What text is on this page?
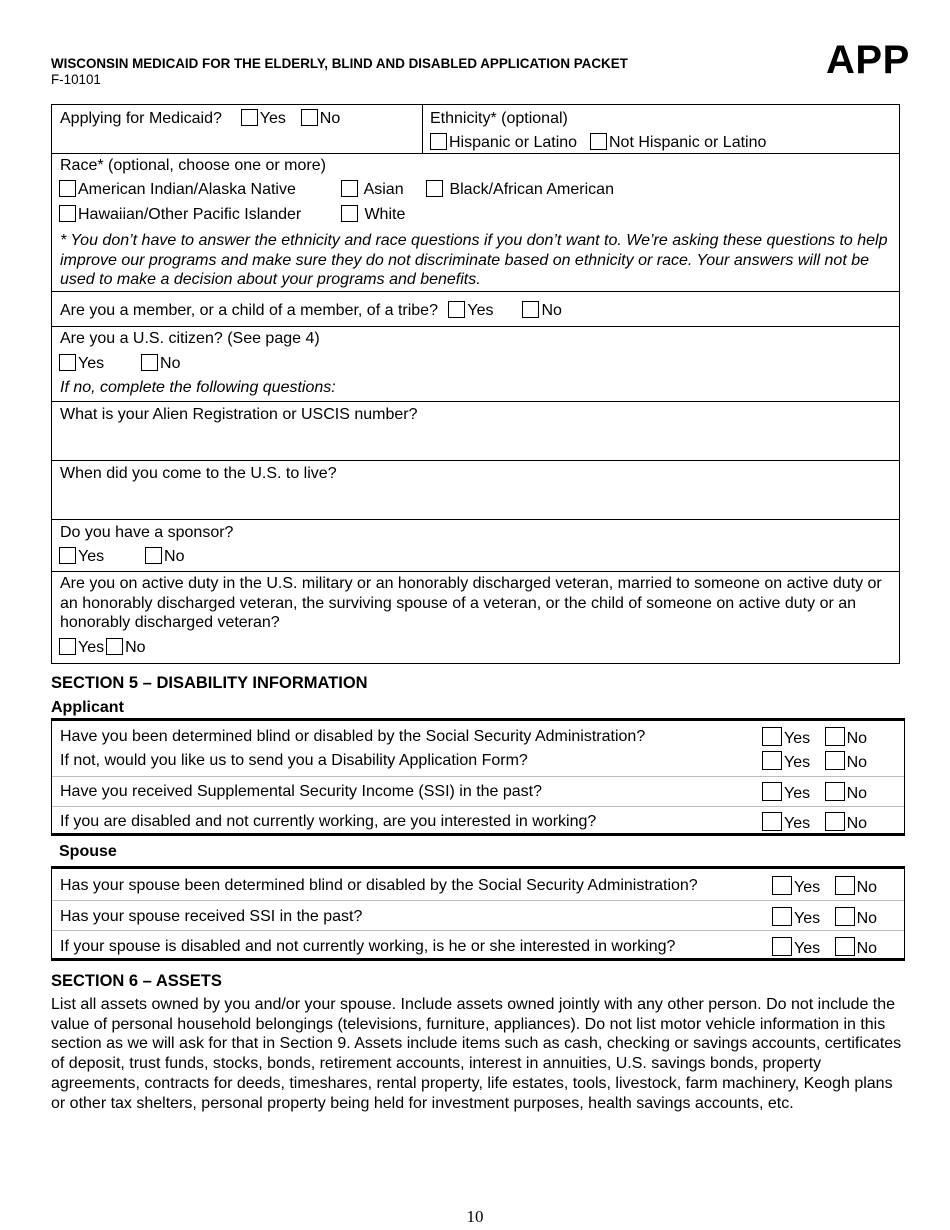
WISCONSIN MEDICAID FOR THE ELDERLY, BLIND AND DISABLED APPLICATION PACKET
F-10101	APP
Applying for Medicaid? Yes No	Ethnicity* (optional)
Hispanic or Latino Not Hispanic or Latino
Race* (optional, choose one or more)
American Indian/Alaska Native	Asian	Black/African American
Hawaiian/Other Pacific Islander	White
* You don’t have to answer the ethnicity and race questions if you don’t want to. We’re asking these questions to help improve our programs and make sure they do not discriminate based on ethnicity or race. Your answers will not be used to make a decision about your programs and benefits.
Are you a member, or a child of a member, of a tribe? Yes	No
Are you a U.S. citizen? (See page 4)
Yes	No
If no, complete the following questions:
What is your Alien Registration or USCIS number?
When did you come to the U.S. to live?
Do you have a sponsor?
Yes	No
Are you on active duty in the U.S. military or an honorably discharged veteran, married to someone on active duty or an honorably discharged veteran, the surviving spouse of a veteran, or the child of someone on active duty or an honorably discharged veteran?
Yes No
SECTION 5 – DISABILITY INFORMATION
Applicant
Have you been determined blind or disabled by the Social Security Administration?	Yes No
If not, would you like us to send you a Disability Application Form?	Yes No
Have you received Supplemental Security Income (SSI) in the past?	Yes No
If you are disabled and not currently working, are you interested in working?	Yes No
Spouse
Has your spouse been determined blind or disabled by the Social Security Administration?	Yes No
Has your spouse received SSI in the past?	Yes No
If your spouse is disabled and not currently working, is he or she interested in working?	Yes No
SECTION 6 – ASSETS
List all assets owned by you and/or your spouse. Include assets owned jointly with any other person. Do not include the value of personal household belongings (televisions, furniture, appliances). Do not list motor vehicle information in this section as we will ask for that in Section 9. Assets include items such as cash, checking or savings accounts, certificates of deposit, trust funds, stocks, bonds, retirement accounts, interest in annuities, U.S. savings bonds, property agreements, contracts for deeds, timeshares, rental property, life estates, tools, livestock, farm machinery, Keogh plans or other tax shelters, personal property being held for investment purposes, health savings accounts, etc.
10
